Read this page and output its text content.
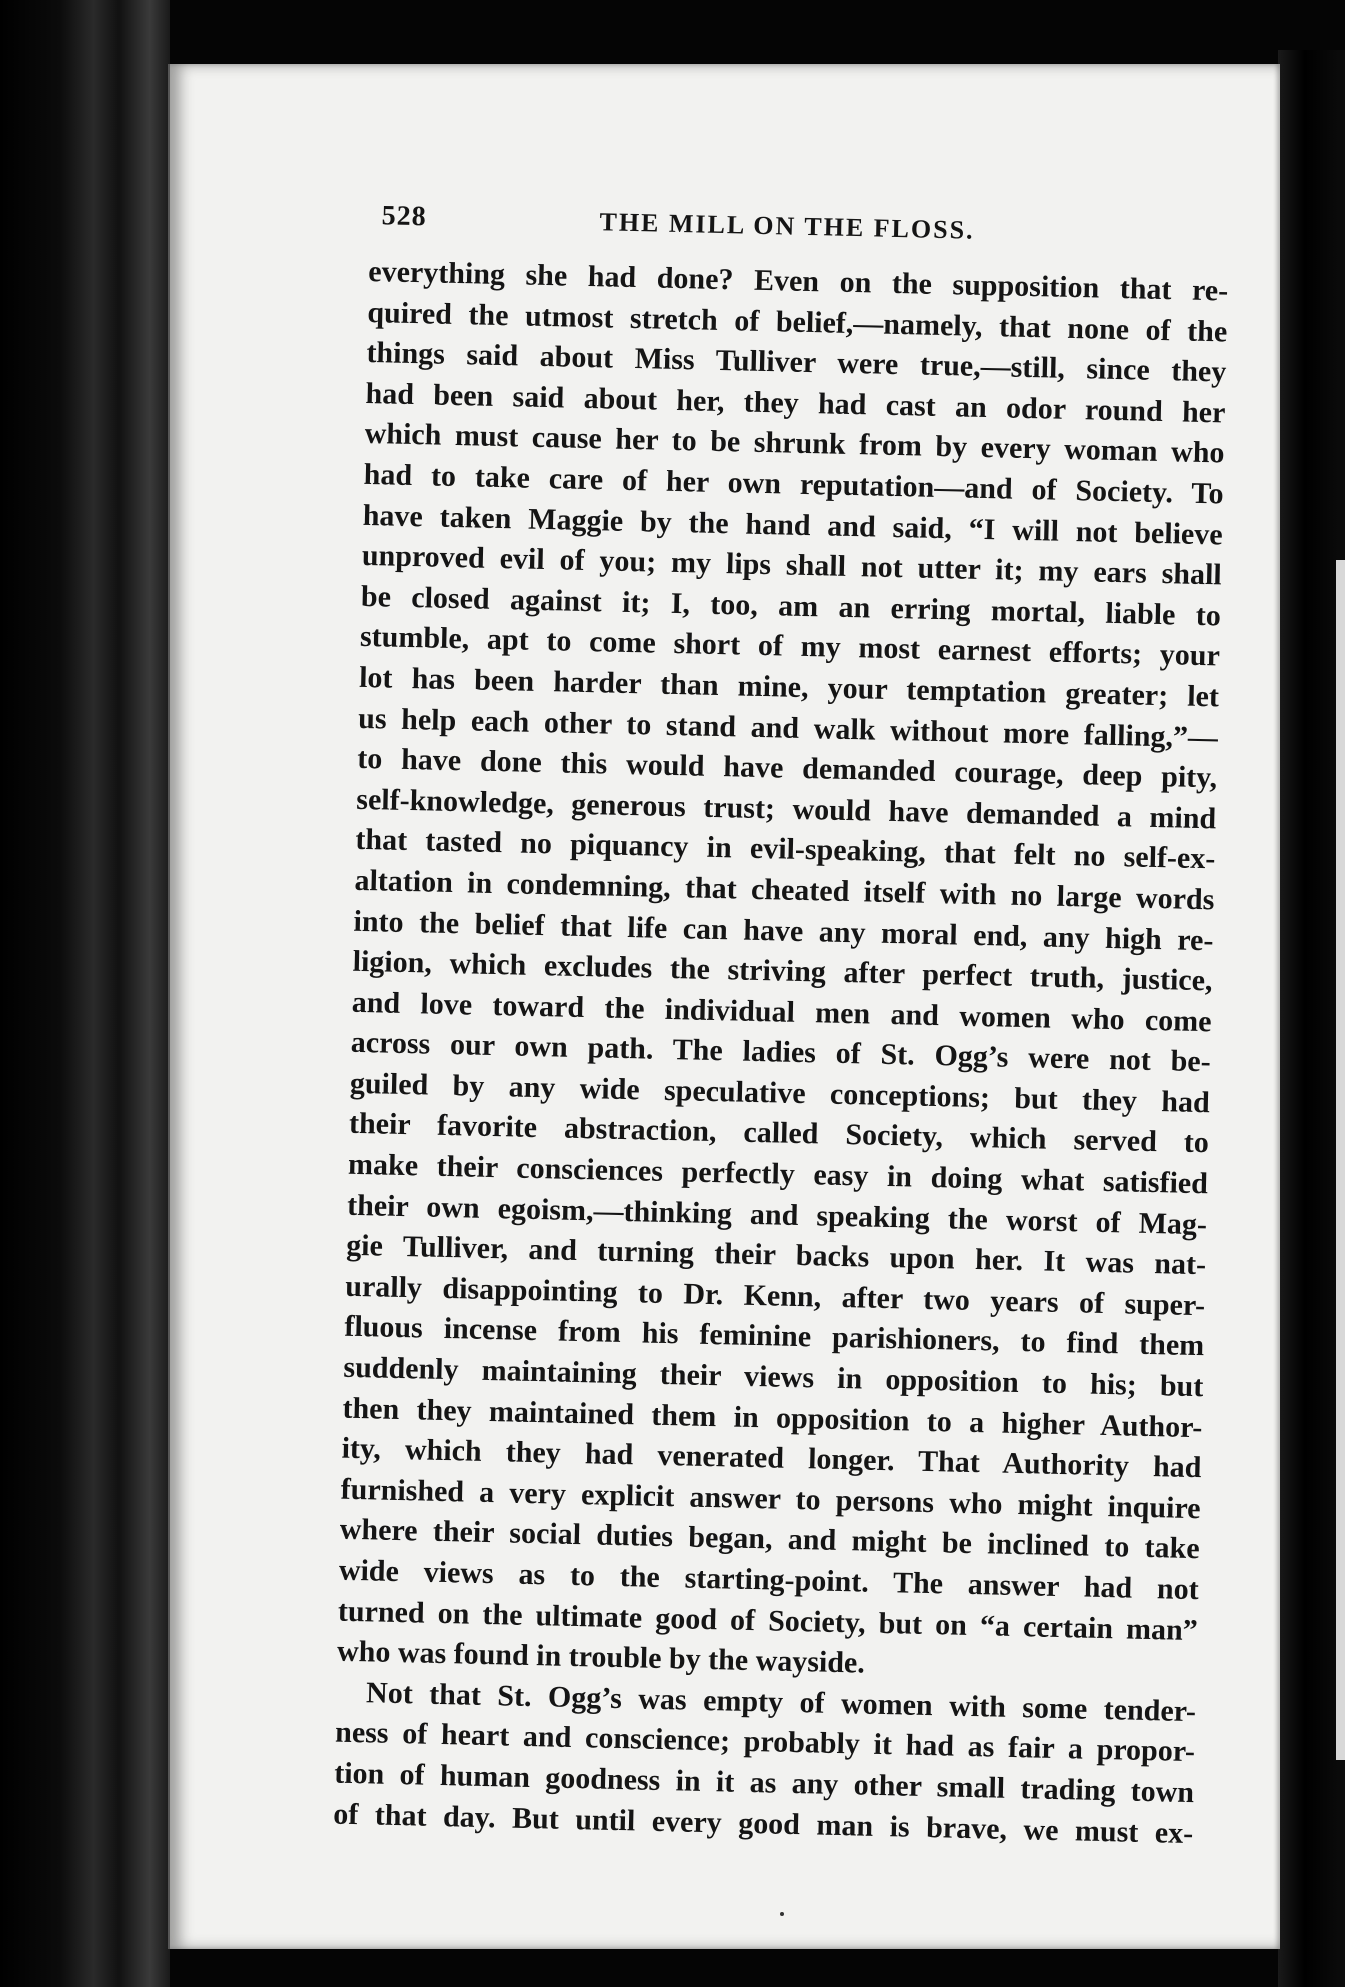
528	THE MILL ON THE FLOSS.
everything she had done? Even on the supposition that re-
quired the utmost stretch of belief,—namely, that none of the
things said about Miss Tulliver were true,—still, since they
had been said about her, they had cast an odor round her
which must cause her to be shrunk from by every woman who
had to take care of her own reputation—and of Society. To
have taken Maggie by the hand and said, “I will not believe
unproved evil of you; my lips shall not utter it; my ears shall
be closed against it; I, too, am an erring mortal, liable to
stumble, apt to come short of my most earnest efforts; your
lot has been harder than mine, your temptation greater; let
us help each other to stand and walk without more falling,”—
to have done this would have demanded courage, deep pity,
self-knowledge, generous trust; would have demanded a mind
that tasted no piquancy in evil-speaking, that felt no self-ex-
altation in condemning, that cheated itself with no large words
into the belief that life can have any moral end, any high re-
ligion, which excludes the striving after perfect truth, justice,
and love toward the individual men and women who come
across our own path. The ladies of St. Ogg’s were not be-
guiled by any wide speculative conceptions; but they had
their favorite abstraction, called Society, which served to
make their consciences perfectly easy in doing what satisfied
their own egoism,—thinking and speaking the worst of Mag-
gie Tulliver, and turning their backs upon her. It was nat-
urally disappointing to Dr. Kenn, after two years of super-
fluous incense from his feminine parishioners, to find them
suddenly maintaining their views in opposition to his; but
then they maintained them in opposition to a higher Author-
ity, which they had venerated longer. That Authority had
furnished a very explicit answer to persons who might inquire
where their social duties began, and might be inclined to take
wide views as to the starting-point. The answer had not
turned on the ultimate good of Society, but on “a certain man”
who was found in trouble by the wayside.
Not that St. Ogg’s was empty of women with some tender-
ness of heart and conscience; probably it had as fair a propor-
tion of human goodness in it as any other small trading town
of that day. But until every good man is brave, we must ex-
